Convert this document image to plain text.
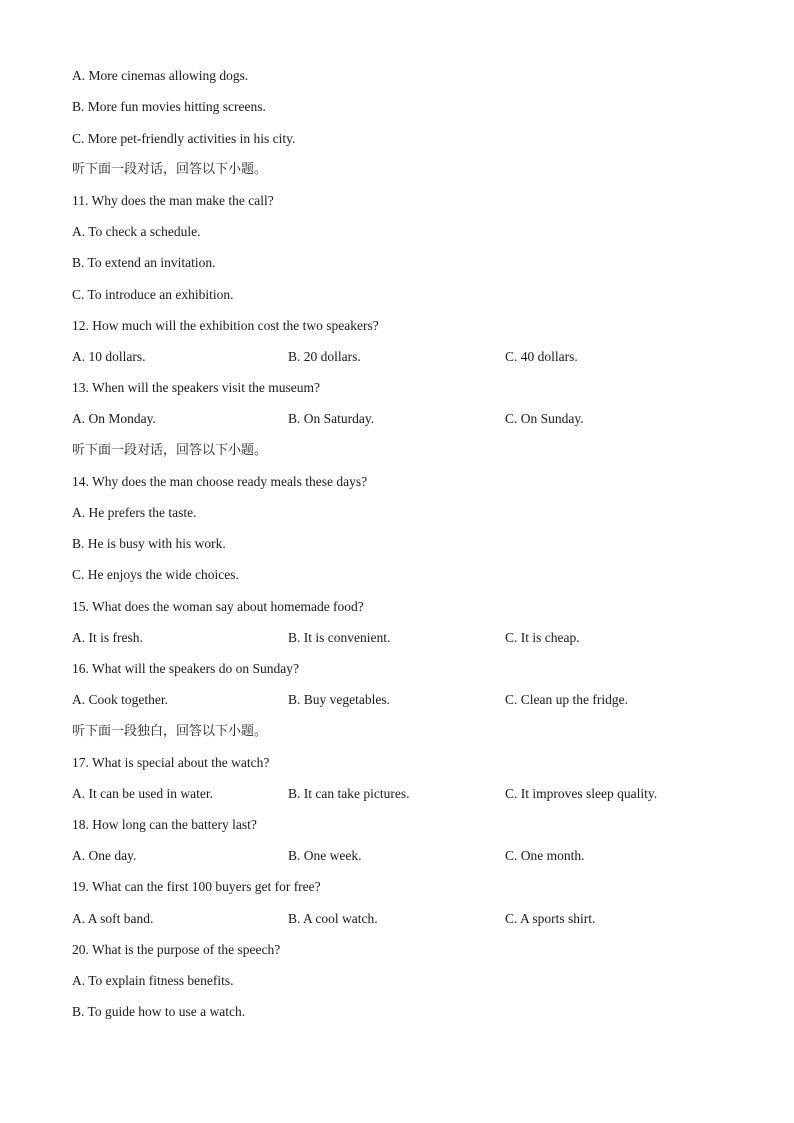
A. More cinemas allowing dogs.
B. More fun movies hitting screens.
C. More pet-friendly activities in his city.
听下面一段对话，回答以下小题。
11. Why does the man make the call?
A. To check a schedule.
B. To extend an invitation.
C. To introduce an exhibition.
12. How much will the exhibition cost the two speakers?
A. 10 dollars.	B. 20 dollars.	C. 40 dollars.
13. When will the speakers visit the museum?
A. On Monday.	B. On Saturday.	C. On Sunday.
听下面一段对话，回答以下小题。
14. Why does the man choose ready meals these days?
A. He prefers the taste.
B. He is busy with his work.
C. He enjoys the wide choices.
15. What does the woman say about homemade food?
A. It is fresh.	B. It is convenient.	C. It is cheap.
16. What will the speakers do on Sunday?
A. Cook together.	B. Buy vegetables.	C. Clean up the fridge.
听下面一段独白，回答以下小题。
17. What is special about the watch?
A. It can be used in water.	B. It can take pictures.	C. It improves sleep quality.
18. How long can the battery last?
A. One day.	B. One week.	C. One month.
19. What can the first 100 buyers get for free?
A. A soft band.	B. A cool watch.	C. A sports shirt.
20. What is the purpose of the speech?
A. To explain fitness benefits.
B. To guide how to use a watch.
